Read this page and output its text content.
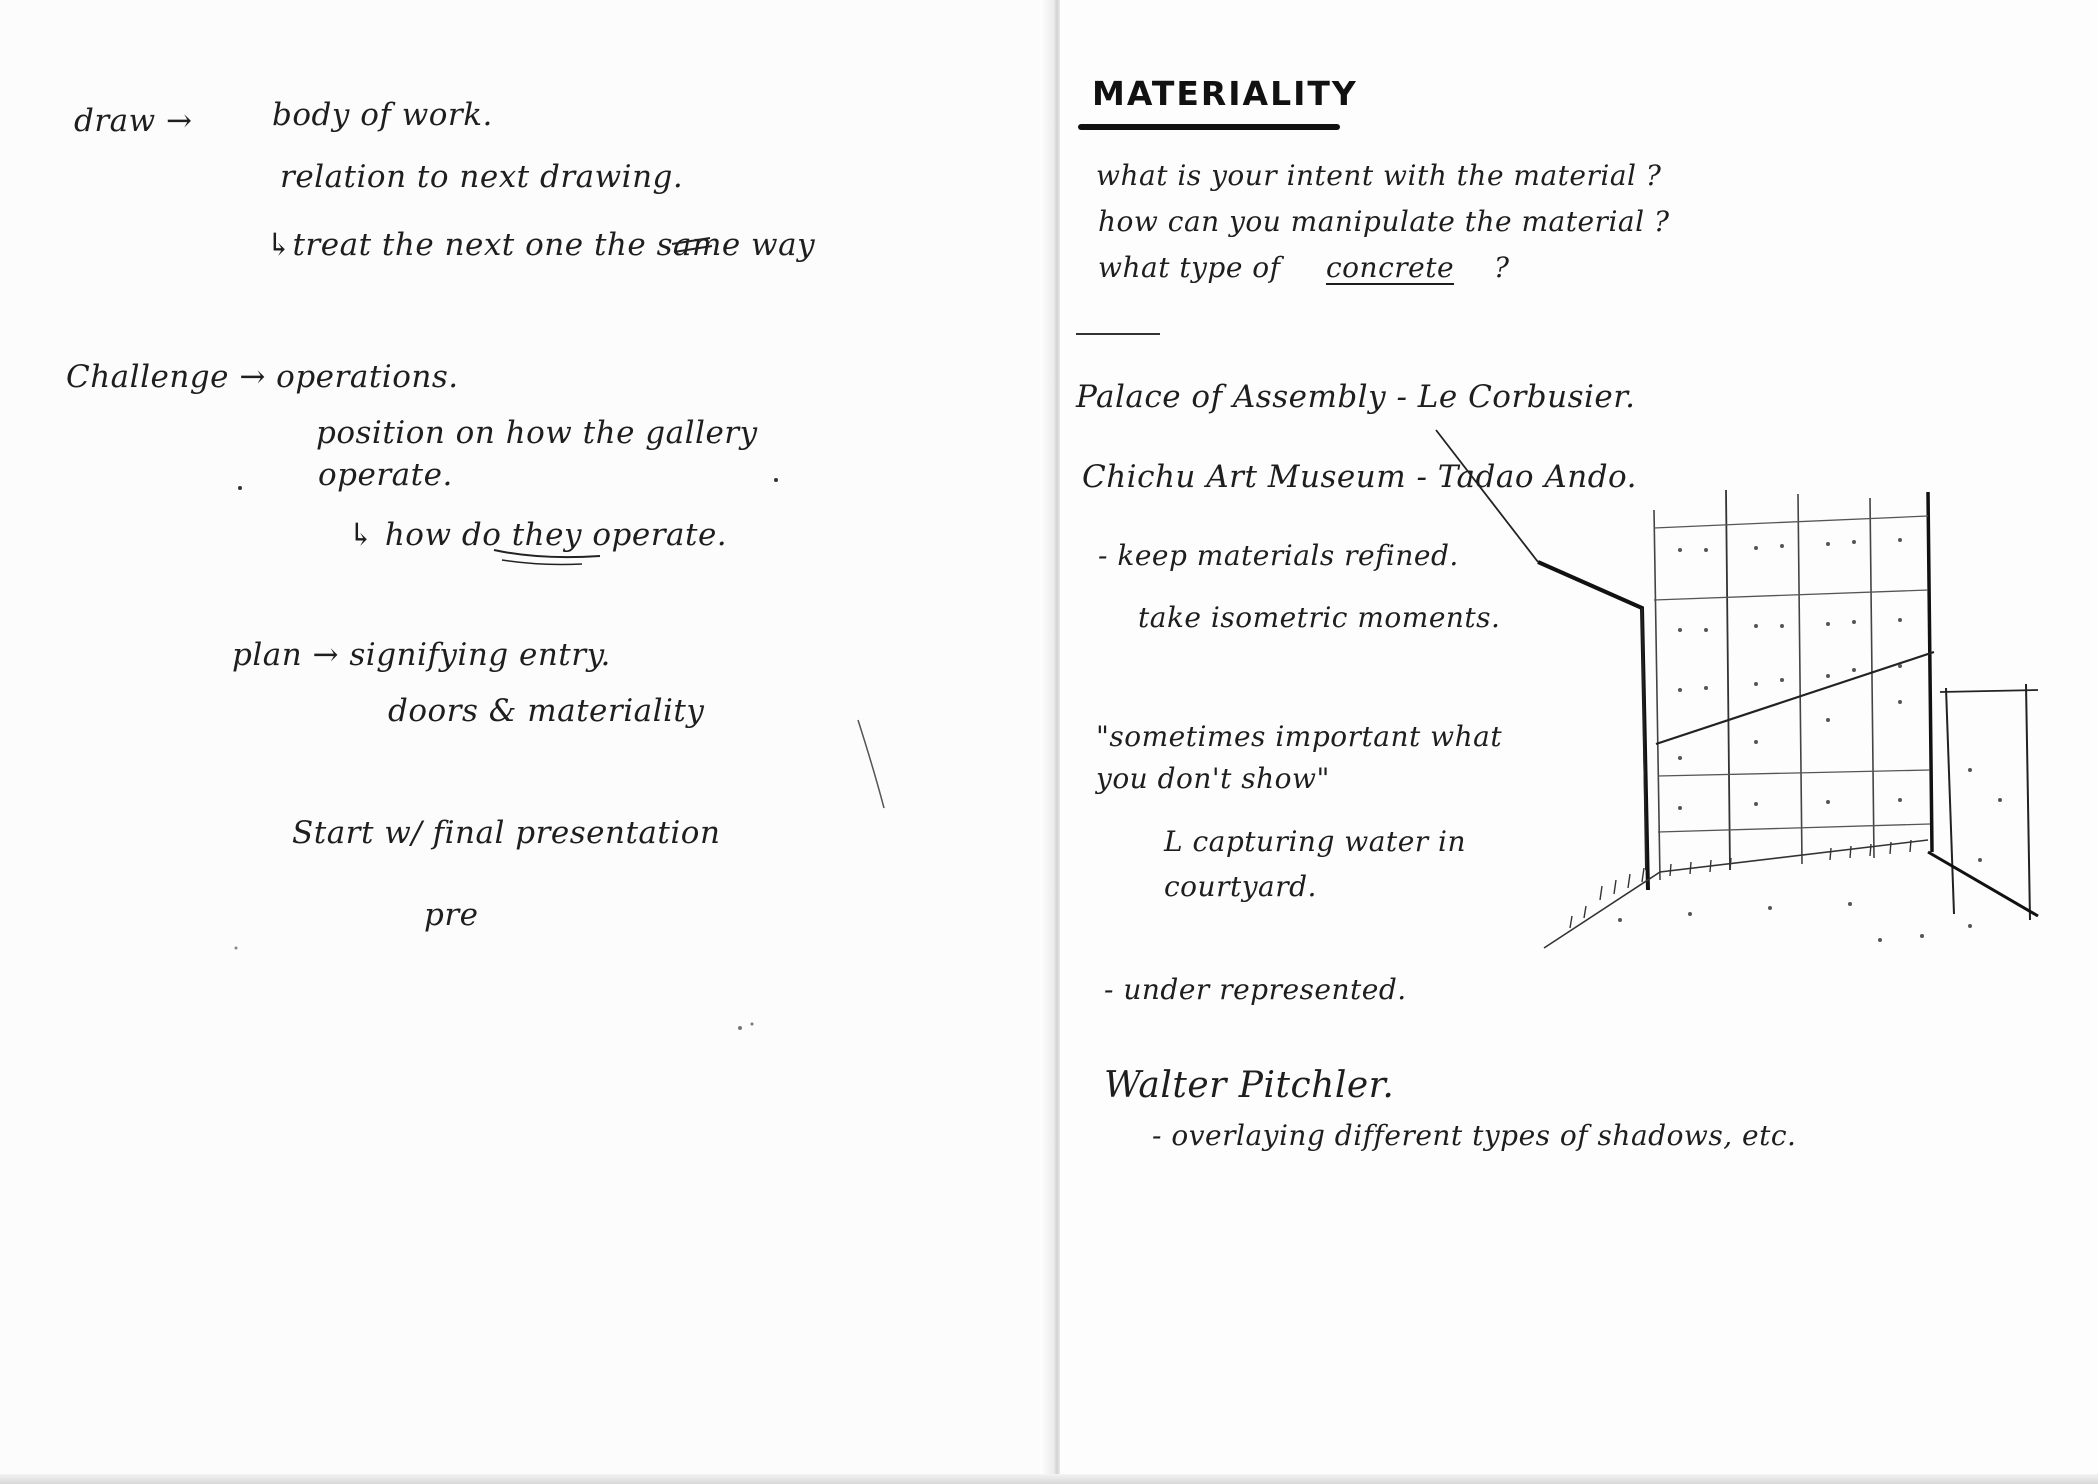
draw →	body of work.

relation to next drawing.

↳treat the next one the same way

Challenge → operations.

position on how the gallery

operate.

↳ how do they operate.

plan → signifying entry.

doors & materiality

Start w/ final presentation

pre

MATERIALITY

what is your intent with the material ?

how can you manipulate the material ?

what type of concrete ?

Palace of Assembly - Le Corbusier.

Chichu Art Museum - Tadao Ando.

- keep materials refined.

take isometric moments.

"sometimes important what you don't show"

L capturing water in courtyard.

- under represented.

Walter Pitchler.

- overlaying different types of shadows, etc.
